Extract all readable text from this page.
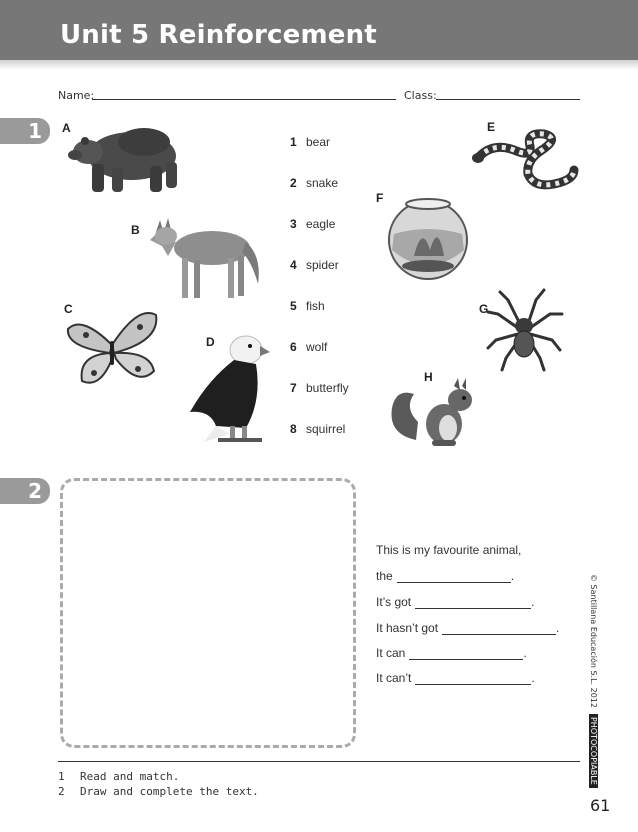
Unit 5 Reinforcement
Name:	Class:
1	A
B
C
D
E
F
G
H
1 bear
2 snake
3 eagle
4 spider
5 fish
6 wolf
7 butterfly
8 squirrel
2
This is my favourite animal,
the	.
It’s got	.
It hasn’t got	.
It can	.
It can’t	.	© Santillana Educación S.L. 2012
PHOTOCOPIABLE
1 Read and match.
2 Draw and complete the text.
61
